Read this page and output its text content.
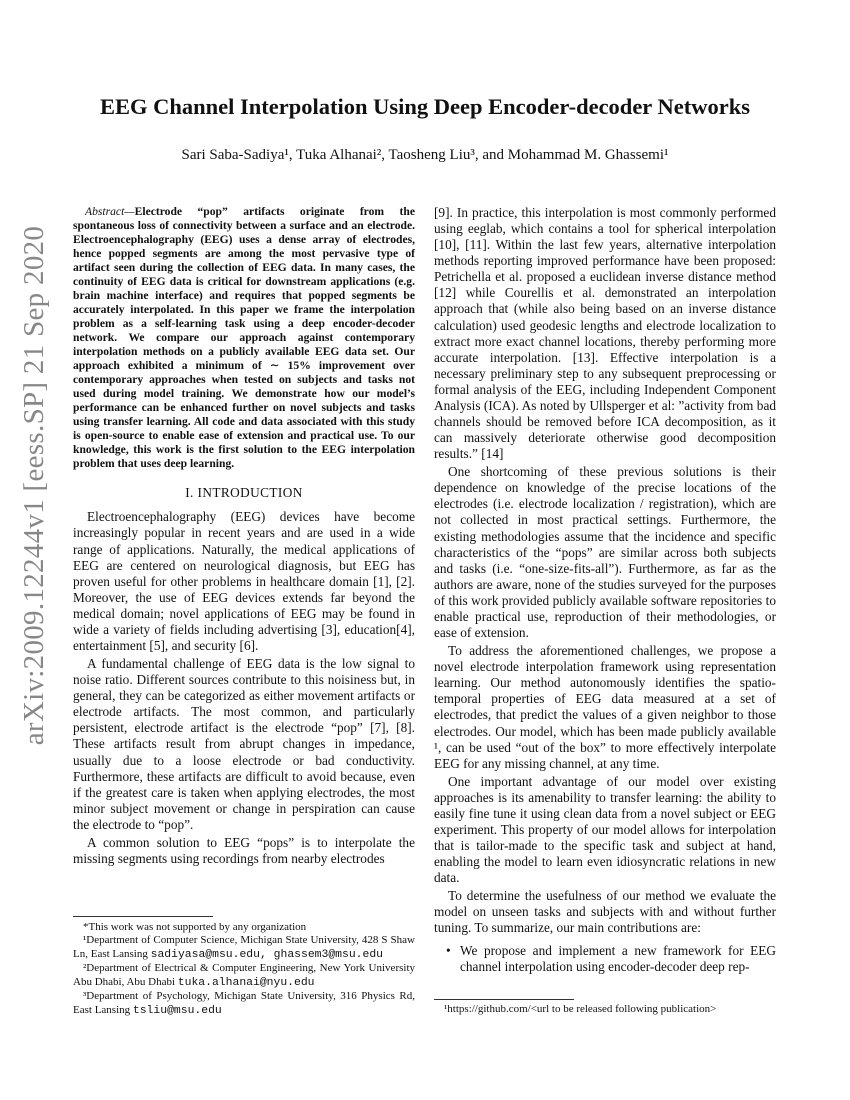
arXiv:2009.12244v1 [eess.SP] 21 Sep 2020
EEG Channel Interpolation Using Deep Encoder-decoder Networks
Sari Saba-Sadiya¹, Tuka Alhanai², Taosheng Liu³, and Mohammad M. Ghassemi¹

Abstract—Electrode “pop” artifacts originate from the spontaneous loss of connectivity between a surface and an electrode. Electroencephalography (EEG) uses a dense array of electrodes, hence popped segments are among the most pervasive type of artifact seen during the collection of EEG data. In many cases, the continuity of EEG data is critical for downstream applications (e.g. brain machine interface) and requires that popped segments be accurately interpolated. In this paper we frame the interpolation problem as a self-learning task using a deep encoder-decoder network. We compare our approach against contemporary interpolation methods on a publicly available EEG data set. Our approach exhibited a minimum of ∼ 15% improvement over contemporary approaches when tested on subjects and tasks not used during model training. We demonstrate how our model’s performance can be enhanced further on novel subjects and tasks using transfer learning. All code and data associated with this study is open-source to enable ease of extension and practical use. To our knowledge, this work is the first solution to the EEG interpolation problem that uses deep learning.

I. INTRODUCTION

Electroencephalography (EEG) devices have become increasingly popular in recent years and are used in a wide range of applications. Naturally, the medical applications of EEG are centered on neurological diagnosis, but EEG has proven useful for other problems in healthcare domain [1], [2]. Moreover, the use of EEG devices extends far beyond the medical domain; novel applications of EEG may be found in wide a variety of fields including advertising [3], education[4], entertainment [5], and security [6].

A fundamental challenge of EEG data is the low signal to noise ratio. Different sources contribute to this noisiness but, in general, they can be categorized as either movement artifacts or electrode artifacts. The most common, and particularly persistent, electrode artifact is the electrode “pop” [7], [8]. These artifacts result from abrupt changes in impedance, usually due to a loose electrode or bad conductivity. Furthermore, these artifacts are difficult to avoid because, even if the greatest care is taken when applying electrodes, the most minor subject movement or change in perspiration can cause the electrode to “pop”.

A common solution to EEG “pops” is to interpolate the missing segments using recordings from nearby electrodes

*This work was not supported by any organization

¹Department of Computer Science, Michigan State University, 428 S Shaw Ln, East Lansing sadiyasa@msu.edu, ghassem3@msu.edu

²Department of Electrical & Computer Engineering, New York University Abu Dhabi, Abu Dhabi tuka.alhanai@nyu.edu

³Department of Psychology, Michigan State University, 316 Physics Rd, East Lansing tsliu@msu.edu

[9]. In practice, this interpolation is most commonly performed using eeglab, which contains a tool for spherical interpolation [10], [11]. Within the last few years, alternative interpolation methods reporting improved performance have been proposed: Petrichella et al. proposed a euclidean inverse distance method [12] while Courellis et al. demonstrated an interpolation approach that (while also being based on an inverse distance calculation) used geodesic lengths and electrode localization to extract more exact channel locations, thereby performing more accurate interpolation. [13]. Effective interpolation is a necessary preliminary step to any subsequent preprocessing or formal analysis of the EEG, including Independent Component Analysis (ICA). As noted by Ullsperger et al: ”activity from bad channels should be removed before ICA decomposition, as it can massively deteriorate otherwise good decomposition results.” [14]

One shortcoming of these previous solutions is their dependence on knowledge of the precise locations of the electrodes (i.e. electrode localization / registration), which are not collected in most practical settings. Furthermore, the existing methodologies assume that the incidence and specific characteristics of the “pops” are similar across both subjects and tasks (i.e. “one-size-fits-all”). Furthermore, as far as the authors are aware, none of the studies surveyed for the purposes of this work provided publicly available software repositories to enable practical use, reproduction of their methodologies, or ease of extension.

To address the aforementioned challenges, we propose a novel electrode interpolation framework using representation learning. Our method autonomously identifies the spatio-temporal properties of EEG data measured at a set of electrodes, that predict the values of a given neighbor to those electrodes. Our model, which has been made publicly available ¹, can be used “out of the box” to more effectively interpolate EEG for any missing channel, at any time.

One important advantage of our model over existing approaches is its amenability to transfer learning: the ability to easily fine tune it using clean data from a novel subject or EEG experiment. This property of our model allows for interpolation that is tailor-made to the specific task and subject at hand, enabling the model to learn even idiosyncratic relations in new data.

To determine the usefulness of our method we evaluate the model on unseen tasks and subjects with and without further tuning. To summarize, our main contributions are:

• We propose and implement a new framework for EEG channel interpolation using encoder-decoder deep rep-

¹https://github.com/<url to be released following publication>
